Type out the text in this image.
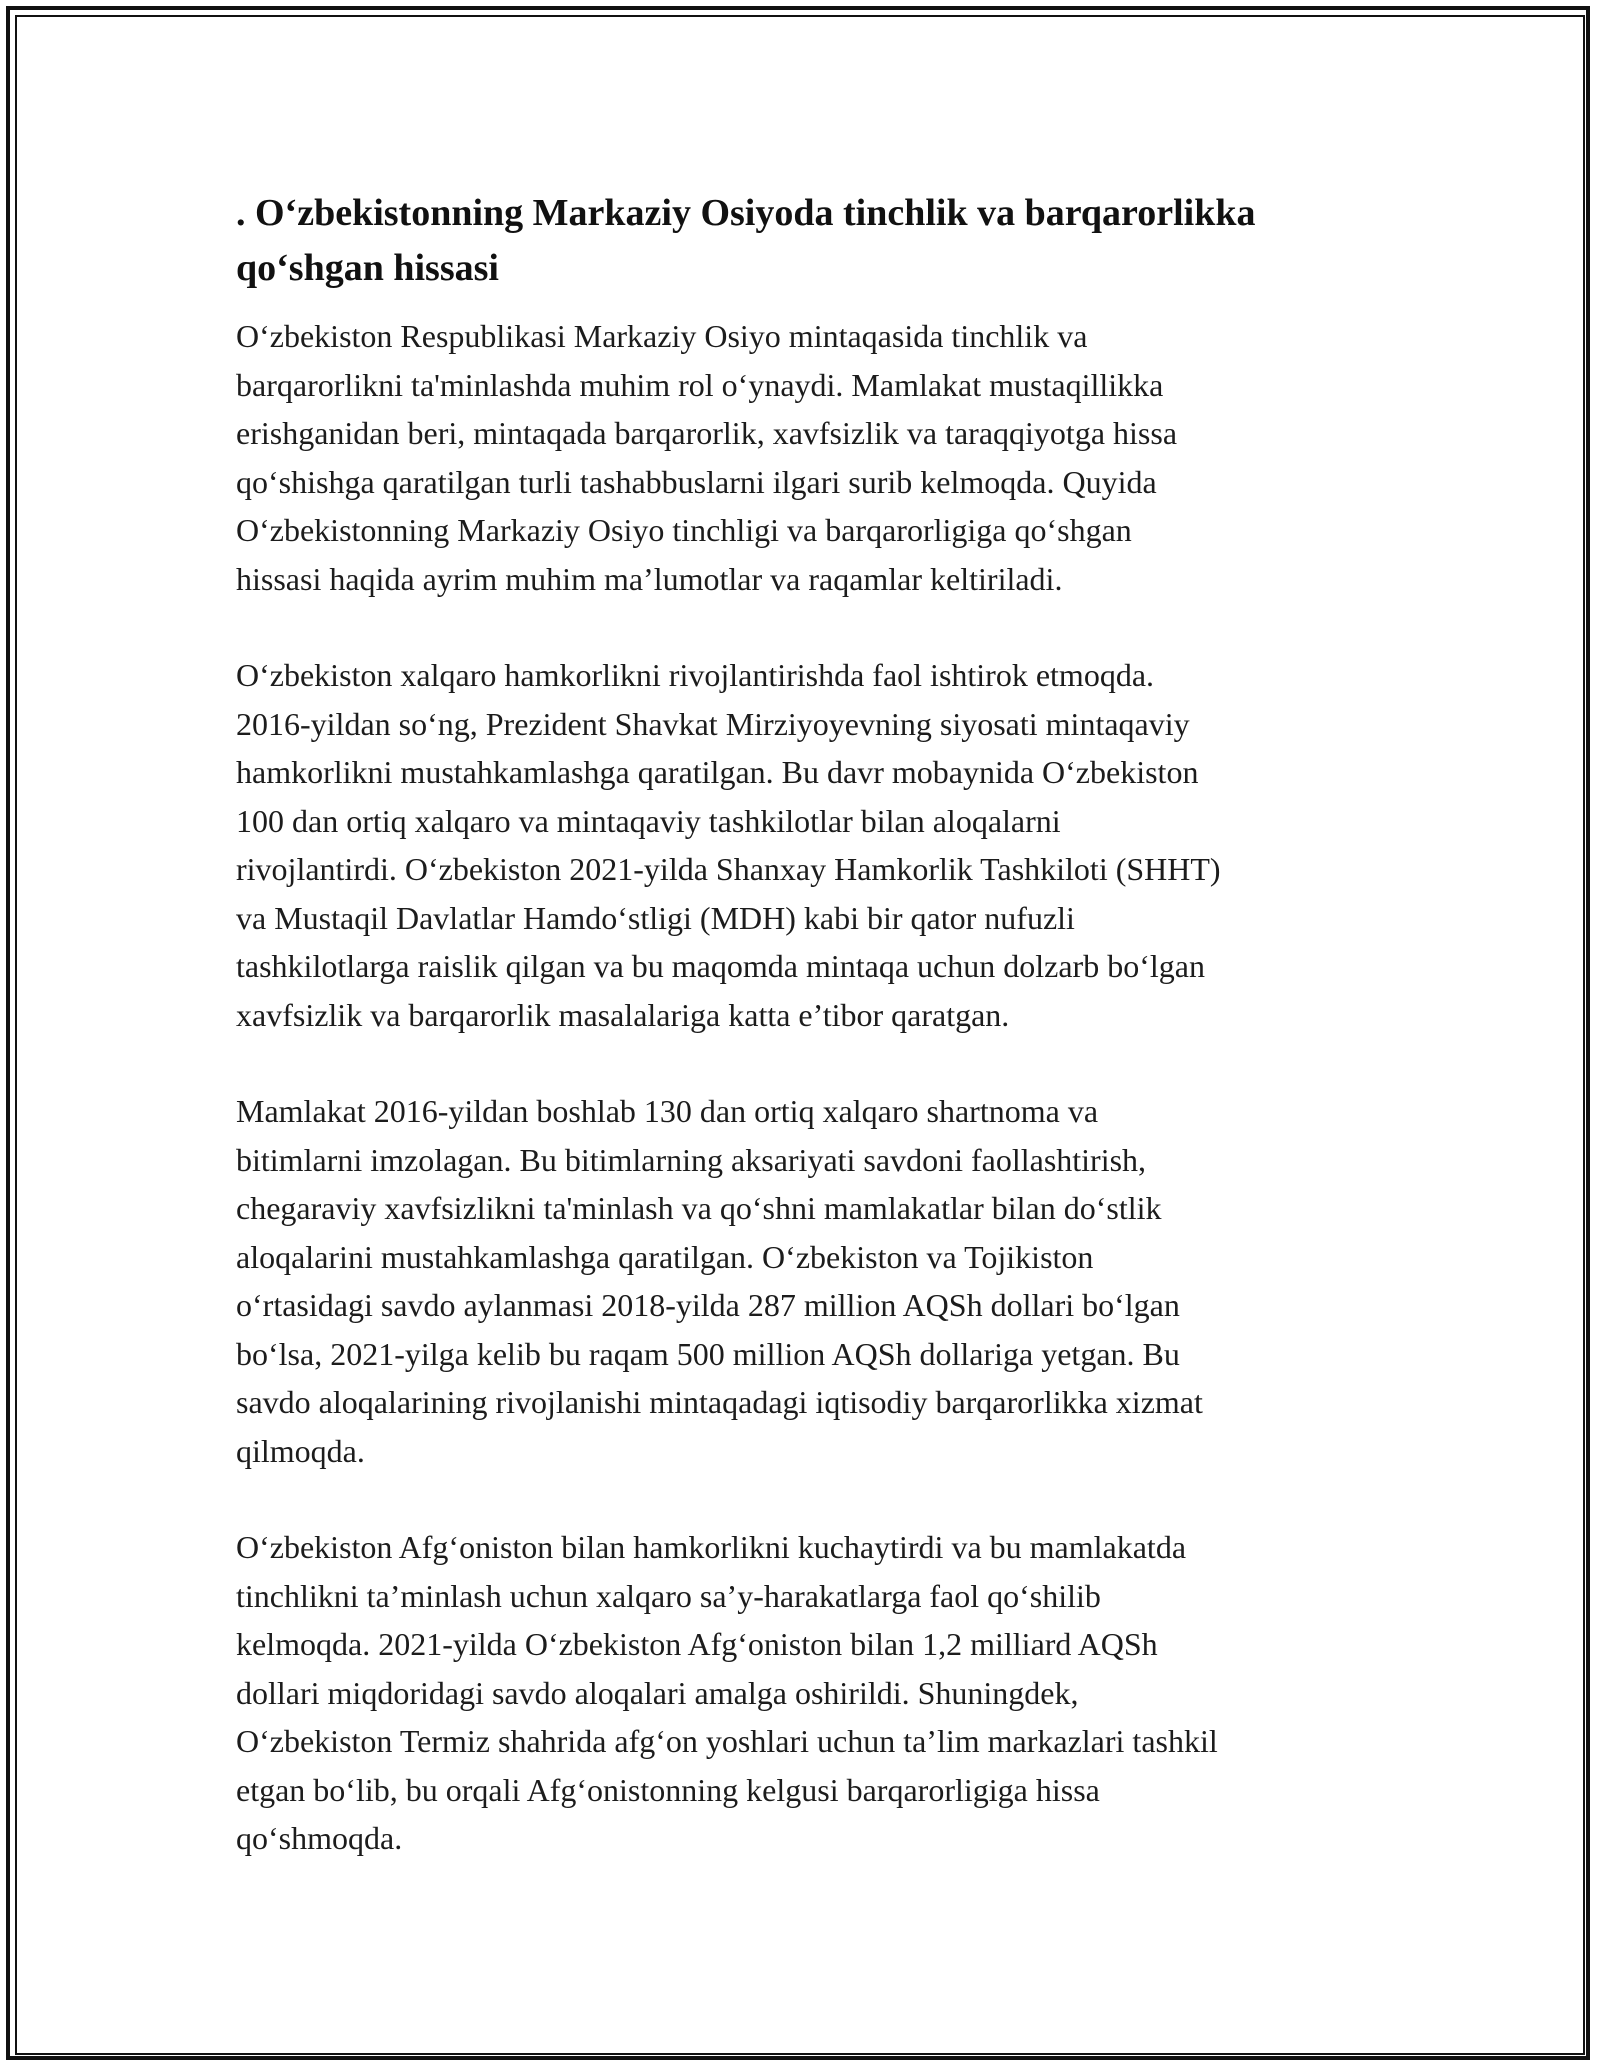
. O‘zbekistonning Markaziy Osiyoda tinchlik va barqarorlikka
qo‘shgan hissasi

O‘zbekiston Respublikasi Markaziy Osiyo mintaqasida tinchlik va
barqarorlikni ta'minlashda muhim rol o‘ynaydi. Mamlakat mustaqillikka
erishganidan beri, mintaqada barqarorlik, xavfsizlik va taraqqiyotga hissa
qo‘shishga qaratilgan turli tashabbuslarni ilgari surib kelmoqda. Quyida
O‘zbekistonning Markaziy Osiyo tinchligi va barqarorligiga qo‘shgan
hissasi haqida ayrim muhim ma’lumotlar va raqamlar keltiriladi.

O‘zbekiston xalqaro hamkorlikni rivojlantirishda faol ishtirok etmoqda.
2016-yildan so‘ng, Prezident Shavkat Mirziyoyevning siyosati mintaqaviy
hamkorlikni mustahkamlashga qaratilgan. Bu davr mobaynida O‘zbekiston
100 dan ortiq xalqaro va mintaqaviy tashkilotlar bilan aloqalarni
rivojlantirdi. O‘zbekiston 2021-yilda Shanxay Hamkorlik Tashkiloti (SHHT)
va Mustaqil Davlatlar Hamdo‘stligi (MDH) kabi bir qator nufuzli
tashkilotlarga raislik qilgan va bu maqomda mintaqa uchun dolzarb bo‘lgan
xavfsizlik va barqarorlik masalalariga katta e’tibor qaratgan.

Mamlakat 2016-yildan boshlab 130 dan ortiq xalqaro shartnoma va
bitimlarni imzolagan. Bu bitimlarning aksariyati savdoni faollashtirish,
chegaraviy xavfsizlikni ta'minlash va qo‘shni mamlakatlar bilan do‘stlik
aloqalarini mustahkamlashga qaratilgan. O‘zbekiston va Tojikiston
o‘rtasidagi savdo aylanmasi 2018-yilda 287 million AQSh dollari bo‘lgan
bo‘lsa, 2021-yilga kelib bu raqam 500 million AQSh dollariga yetgan. Bu
savdo aloqalarining rivojlanishi mintaqadagi iqtisodiy barqarorlikka xizmat
qilmoqda.

O‘zbekiston Afg‘oniston bilan hamkorlikni kuchaytirdi va bu mamlakatda
tinchlikni ta’minlash uchun xalqaro sa’y-harakatlarga faol qo‘shilib
kelmoqda. 2021-yilda O‘zbekiston Afg‘oniston bilan 1,2 milliard AQSh
dollari miqdoridagi savdo aloqalari amalga oshirildi. Shuningdek,
O‘zbekiston Termiz shahrida afg‘on yoshlari uchun ta’lim markazlari tashkil
etgan bo‘lib, bu orqali Afg‘onistonning kelgusi barqarorligiga hissa
qo‘shmoqda.
